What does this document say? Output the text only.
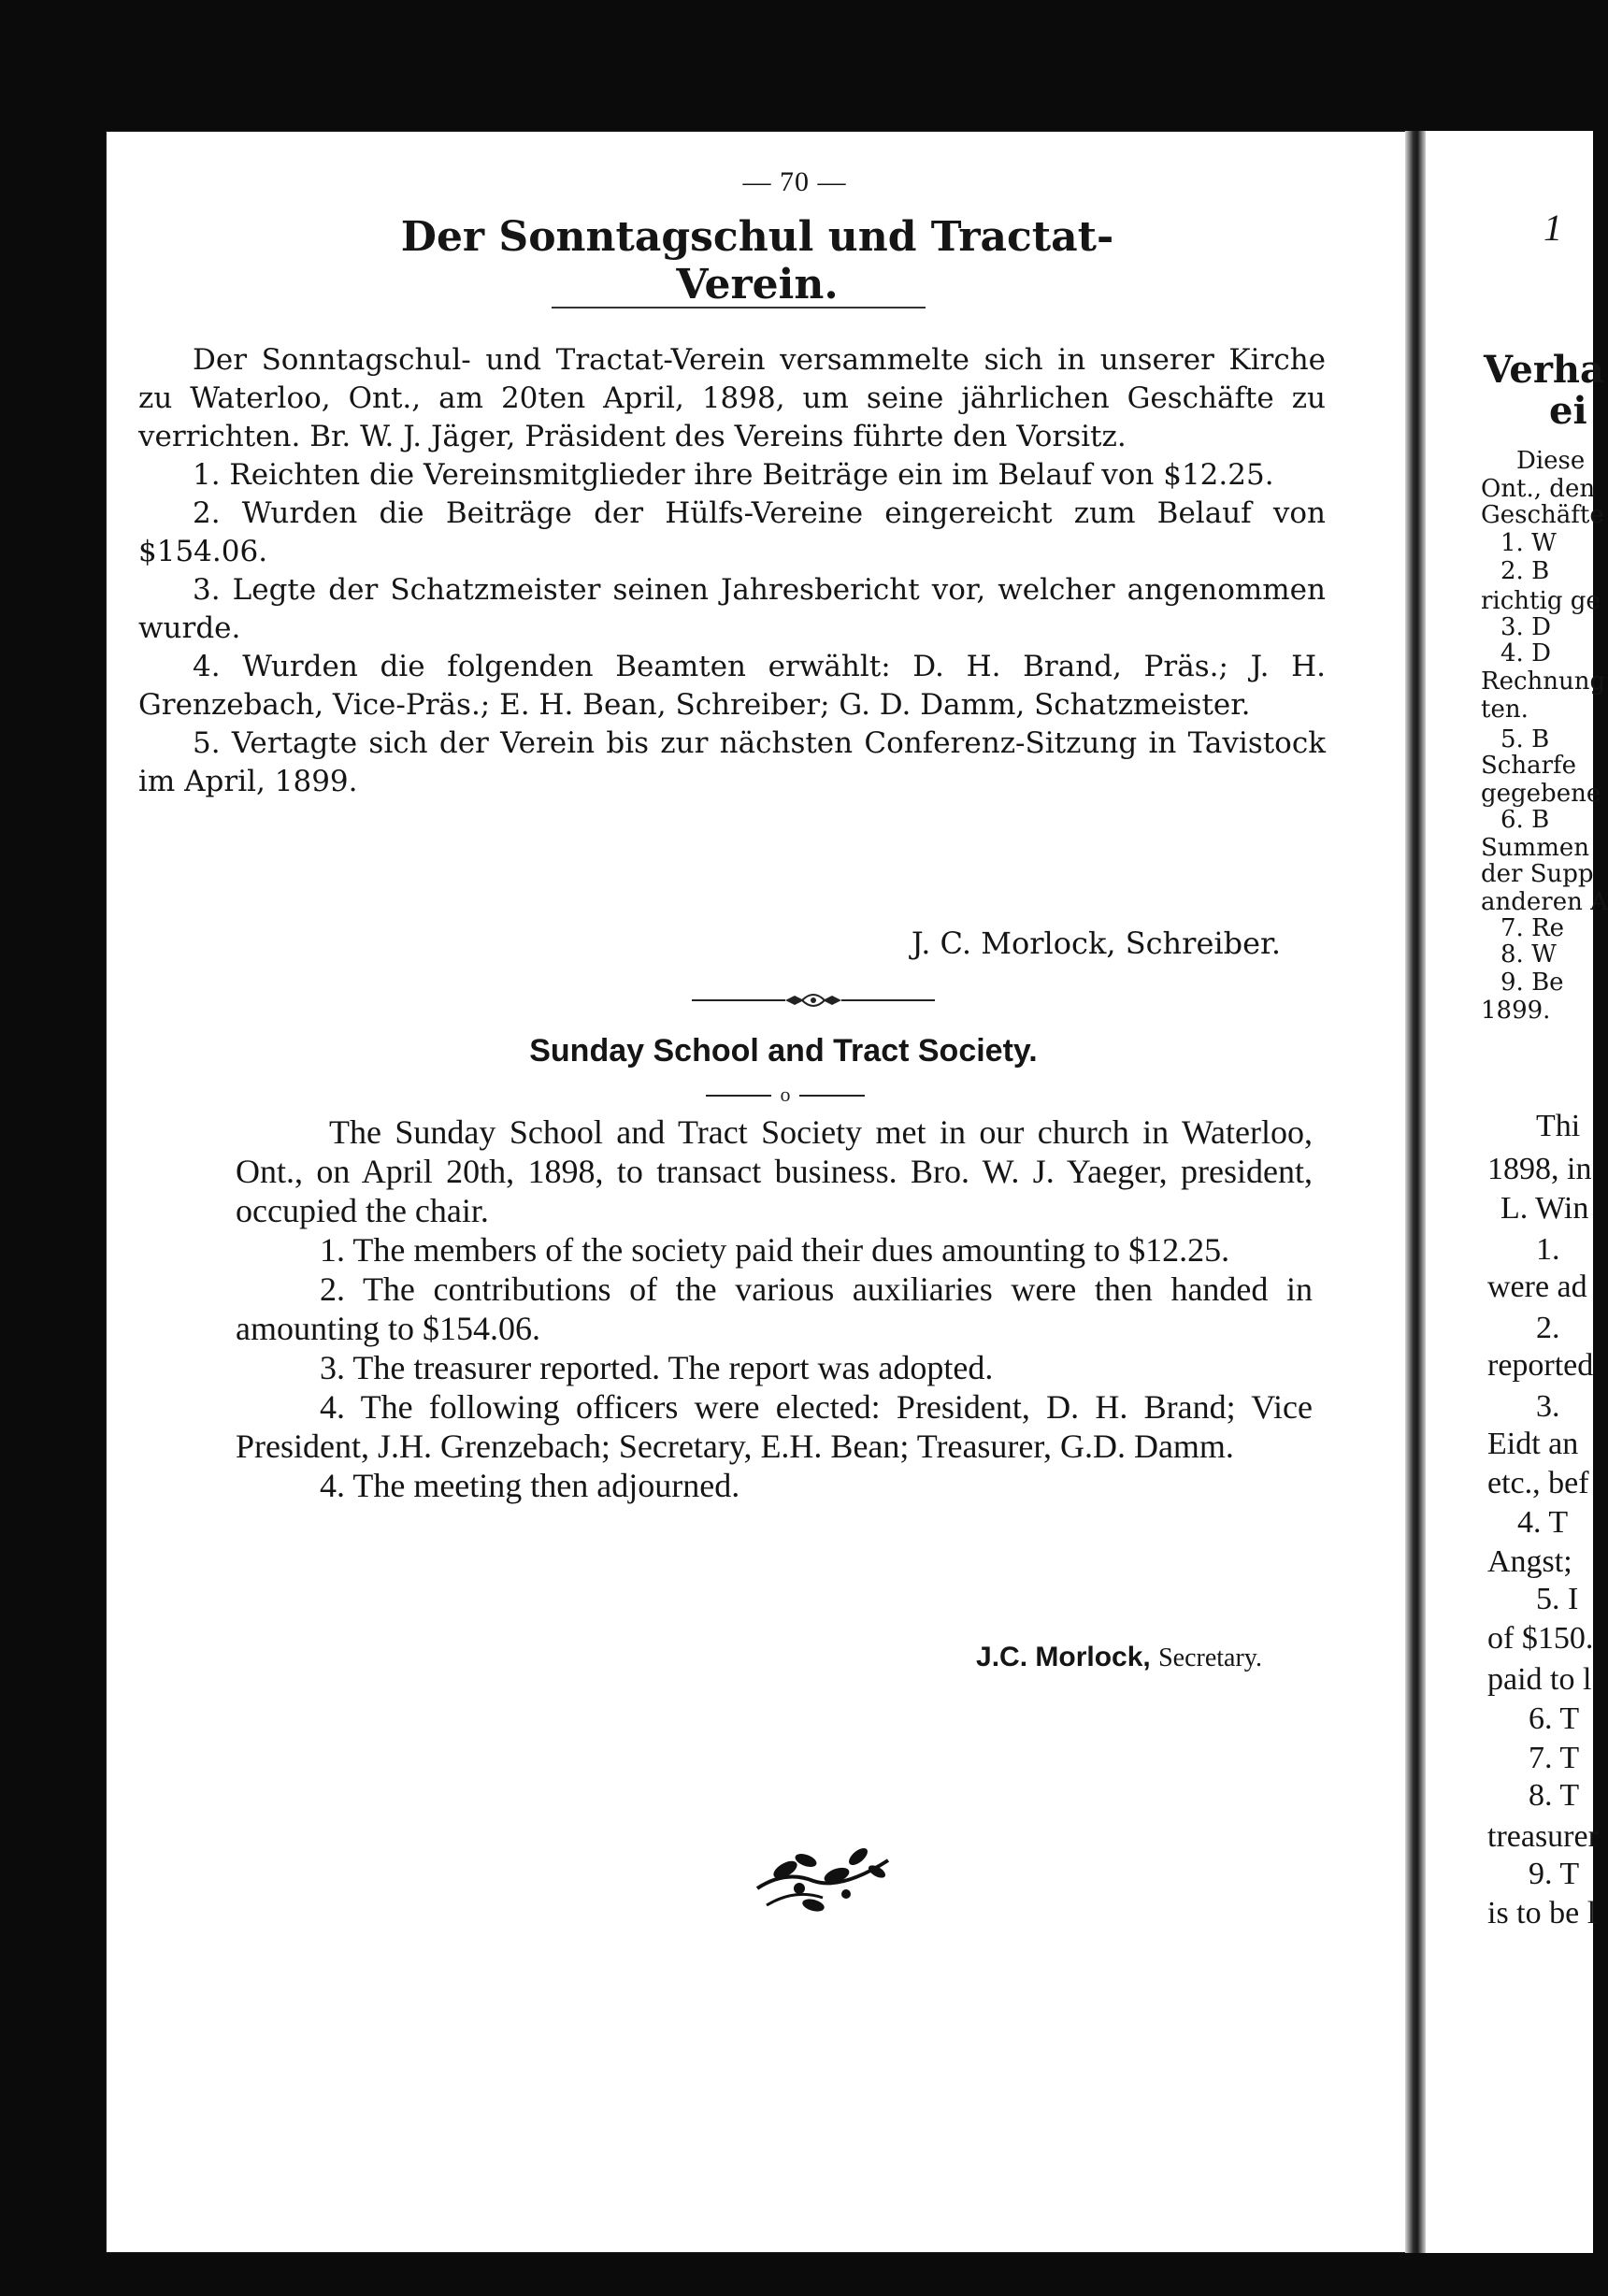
1
Verha
ei
Diese
Ont., den
Geschäfte
1. W
2. B
richtig ge
3. D
4. D
Rechnung
ten.
5. B
Scharfe
gegebene
6. B
Summen
der Supp
anderen A
7. Re
8. W
9. Be
1899.
Thi
1898, in
L. Win
1.
were ad
2.
reported
3.
Eidt an
etc., bef
4. T
Angst;
5. I
of $150.
paid to l
6. T
7. T
8. T
treasurer
9. T
is to be l
— 70 —
Der Sonntagschul und Tractat-Verein.

Der Sonntagschul- und Tractat-Verein versammelte sich in unserer Kirche zu Waterloo, Ont., am 20ten April, 1898, um seine jährlichen Geschäfte zu verrichten. Br. W. J. Jäger, Präsident des Vereins führte den Vorsitz.

1. Reichten die Vereinsmitglieder ihre Beiträge ein im Belauf von $12.25.

2. Wurden die Beiträge der Hülfs-Vereine eingereicht zum Belauf von $154.06.

3. Legte der Schatzmeister seinen Jahresbericht vor, welcher angenommen wurde.

4. Wurden die folgenden Beamten erwählt: D. H. Brand, Präs.; J. H. Grenzebach, Vice-Präs.; E. H. Bean, Schreiber; G. D. Damm, Schatzmeister.

5. Vertagte sich der Verein bis zur nächsten Conferenz-Sitzung in Tavistock im April, 1899.

J. C. Morlock, Schreiber.
Sunday School and Tract Society.
o

The Sunday School and Tract Society met in our church in Waterloo, Ont., on April 20th, 1898, to transact business. Bro. W. J. Yaeger, president, occupied the chair.

1. The members of the society paid their dues amounting to $12.25.

2. The contributions of the various auxiliaries were then handed in amounting to $154.06.

3. The treasurer reported. The report was adopted.

4. The following officers were elected: President, D. H. Brand; Vice President, J.H. Grenzebach; Secretary, E.H. Bean; Treasurer, G.D. Damm.

4. The meeting then adjourned.

J.C. Morlock, Secretary.
